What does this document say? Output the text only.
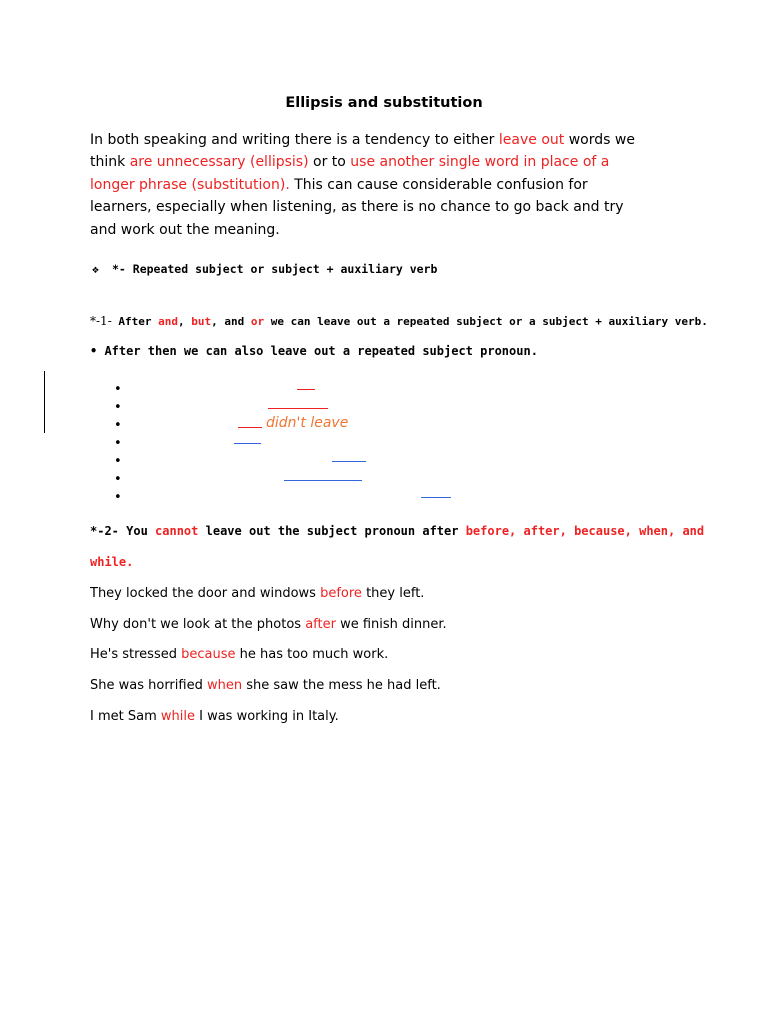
Ellipsis and substitution

In both speaking and writing there is a tendency to either leave out words we think are unnecessary (ellipsis) or to use another single word in place of a longer phrase (substitution). This can cause considerable confusion for learners, especially when listening, as there is no chance to go back and try and work out the meaning.

❖ *- Repeated subject or subject + auxiliary verb
*-1- After and, but, and or we can leave out a repeated subject or a subject + auxiliary verb.
• After then we can also leave out a repeated subject pronoun.
•
•
•
•
•
•
•
didn't leave

*-2- You cannot leave out the subject pronoun after before, after, because, when, and while.

They locked the door and windows before they left.
Why don't we look at the photos after we finish dinner.
He's stressed because he has too much work.
She was horrified when she saw the mess he had left.
I met Sam while I was working in Italy.
